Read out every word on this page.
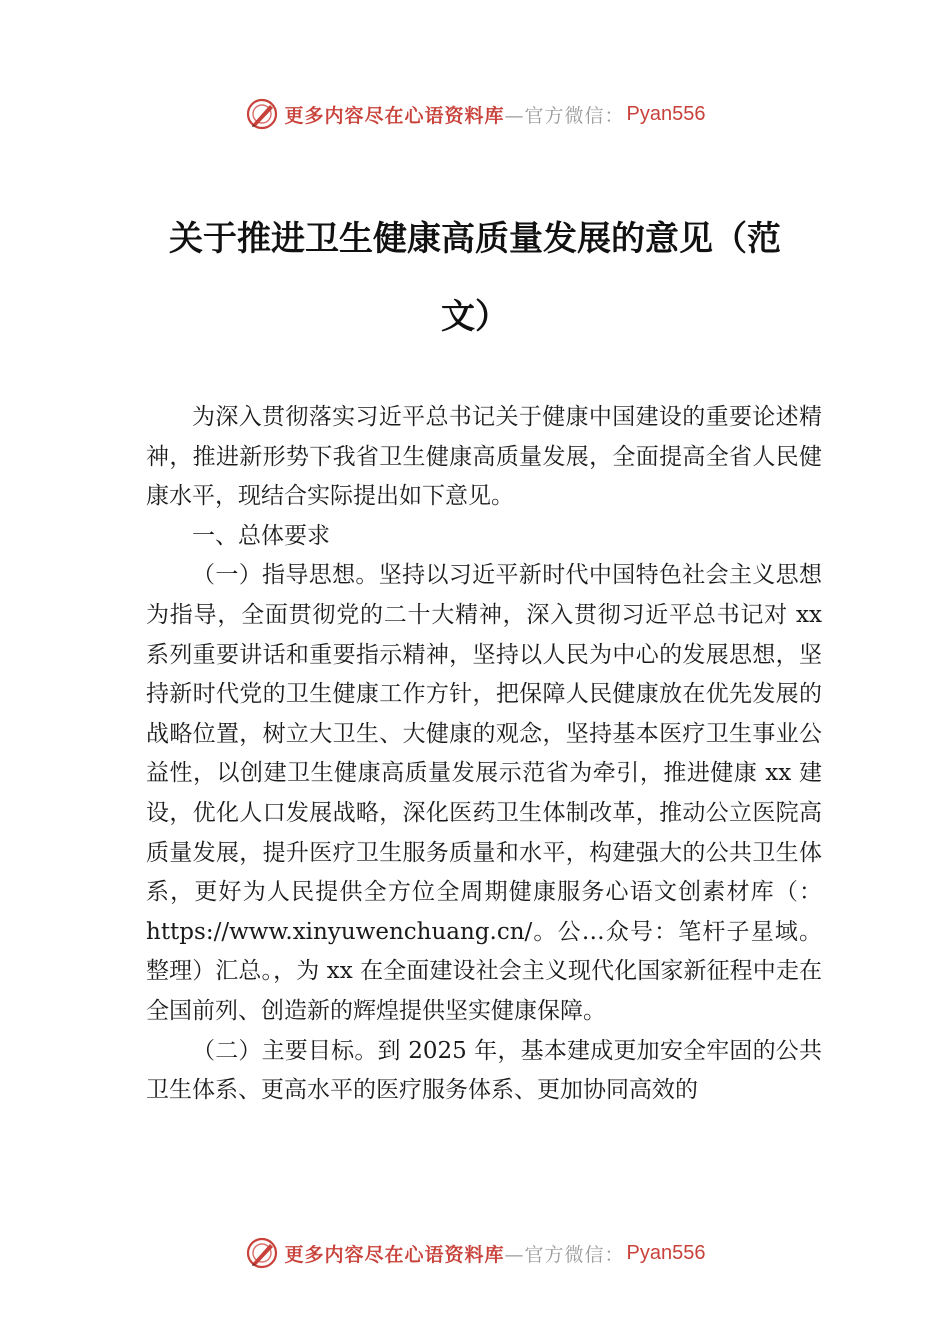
更多内容尽在心语资料库 —官方微信： Pyan556
关于推进卫生健康高质量发展的意见（范
文）

为深入贯彻落实习近平总书记关于健康中国建设的重要论述精神，推进新形势下我省卫生健康高质量发展，全面提高全省人民健康水平，现结合实际提出如下意见。

一、总体要求

（一）指导思想。坚持以习近平新时代中国特色社会主义思想为指导，全面贯彻党的二十大精神，深入贯彻习近平总书记对 xx 系列重要讲话和重要指示精神，坚持以人民为中心的发展思想，坚持新时代党的卫生健康工作方针，把保障人民健康放在优先发展的战略位置，树立大卫生、大健康的观念，坚持基本医疗卫生事业公益性，以创建卫生健康高质量发展示范省为牵引，推进健康 xx 建设，优化人口发展战略，深化医药卫生体制改革，推动公立医院高质量发展，提升医疗卫生服务质量和水平，构建强大的公共卫生体系，更好为人民提供全方位全周期健康服务心语文创素材库（：https://www.xinyuwenchuang.cn/。公…众号：笔杆子星域。整理）汇总。，为 xx 在全面建设社会主义现代化国家新征程中走在全国前列、创造新的辉煌提供坚实健康保障。

（二）主要目标。到 2025 年，基本建成更加安全牢固的公共卫生体系、更高水平的医疗服务体系、更加协同高效的

更多内容尽在心语资料库 —官方微信： Pyan556
